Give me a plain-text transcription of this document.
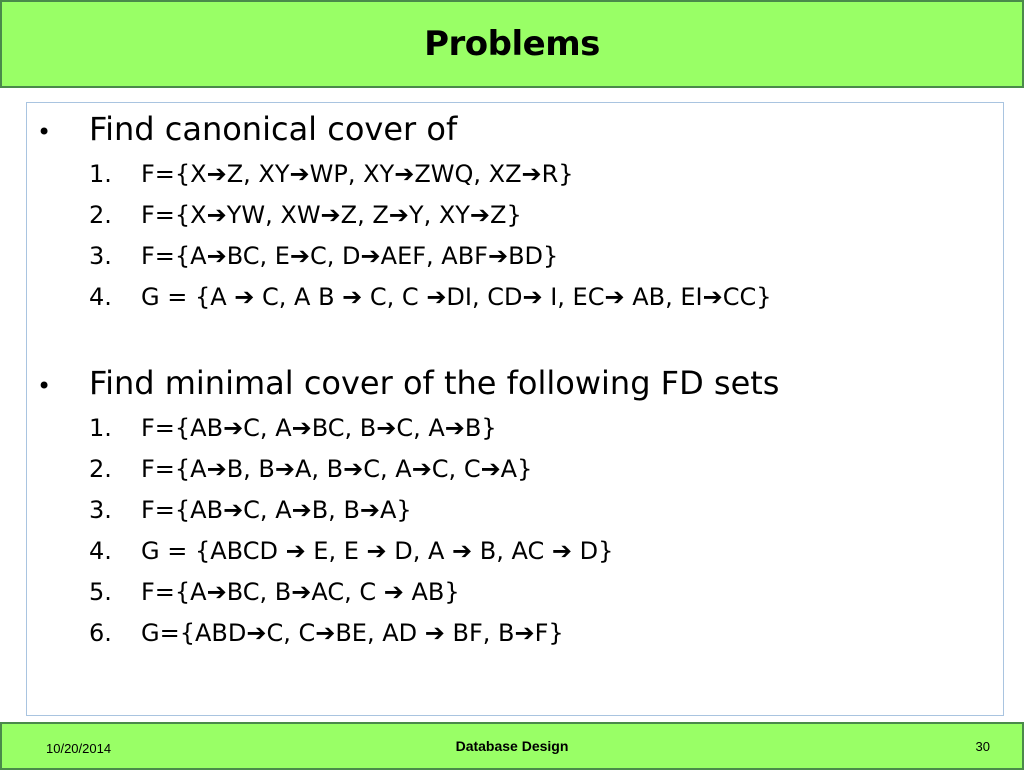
Problems
•	Find canonical cover of
1.	F={X➔Z, XY➔WP, XY➔ZWQ, XZ➔R}
2.	F={X➔YW, XW➔Z, Z➔Y, XY➔Z}
3.	F={A➔BC, E➔C, D➔AEF, ABF➔BD}
4.	G = {A ➔ C, A B ➔ C, C ➔DI, CD➔ I, EC➔ AB, EI➔CC}
•	Find minimal cover of the following FD sets
1.	F={AB➔C, A➔BC, B➔C, A➔B}
2.	F={A➔B, B➔A, B➔C, A➔C, C➔A}
3.	F={AB➔C, A➔B, B➔A}
4.	G = {ABCD ➔ E, E ➔ D, A ➔ B, AC ➔ D}
5.	F={A➔BC, B➔AC, C ➔ AB}
6.	G={ABD➔C, C➔BE, AD ➔ BF, B➔F}
10/20/2014	Database Design	30
